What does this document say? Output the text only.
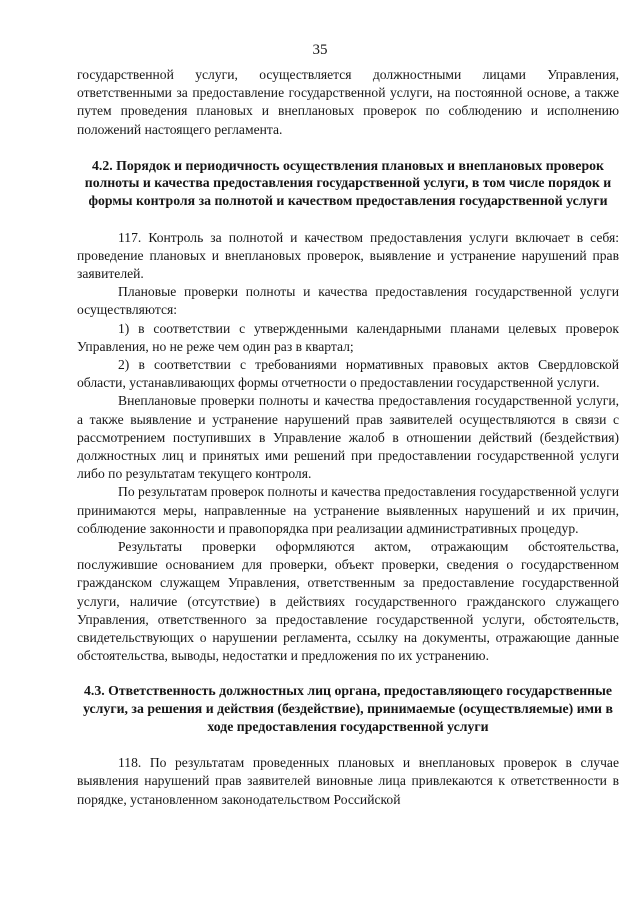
35

государственной услуги, осуществляется должностными лицами Управления, ответственными за предоставление государственной услуги, на постоянной основе, а также путем проведения плановых и внеплановых проверок по соблюдению и исполнению положений настоящего регламента.

4.2. Порядок и периодичность осуществления плановых и внеплановых проверок полноты и качества предоставления государственной услуги, в том числе порядок и формы контроля за полнотой и качеством предоставления государственной услуги

117. Контроль за полнотой и качеством предоставления услуги включает в себя: проведение плановых и внеплановых проверок, выявление и устранение нарушений прав заявителей.

Плановые проверки полноты и качества предоставления государственной услуги осуществляются:

1) в соответствии с утвержденными календарными планами целевых проверок Управления, но не реже чем один раз в квартал;

2) в соответствии с требованиями нормативных правовых актов Свердловской области, устанавливающих формы отчетности о предоставлении государственной услуги.

Внеплановые проверки полноты и качества предоставления государственной услуги, а также выявление и устранение нарушений прав заявителей осуществляются в связи с рассмотрением поступивших в Управление жалоб в отношении действий (бездействия) должностных лиц и принятых ими решений при предоставлении государственной услуги либо по результатам текущего контроля.

По результатам проверок полноты и качества предоставления государственной услуги принимаются меры, направленные на устранение выявленных нарушений и их причин, соблюдение законности и правопорядка при реализации административных процедур.

Результаты проверки оформляются актом, отражающим обстоятельства, послужившие основанием для проверки, объект проверки, сведения о государственном гражданском служащем Управления, ответственным за предоставление государственной услуги, наличие (отсутствие) в действиях государственного гражданского служащего Управления, ответственного за предоставление государственной услуги, обстоятельств, свидетельствующих о нарушении регламента, ссылку на документы, отражающие данные обстоятельства, выводы, недостатки и предложения по их устранению.

4.3. Ответственность должностных лиц органа, предоставляющего государственные услуги, за решения и действия (бездействие), принимаемые (осуществляемые) ими в ходе предоставления государственной услуги

118. По результатам проведенных плановых и внеплановых проверок в случае выявления нарушений прав заявителей виновные лица привлекаются к ответственности в порядке, установленном законодательством Российской
